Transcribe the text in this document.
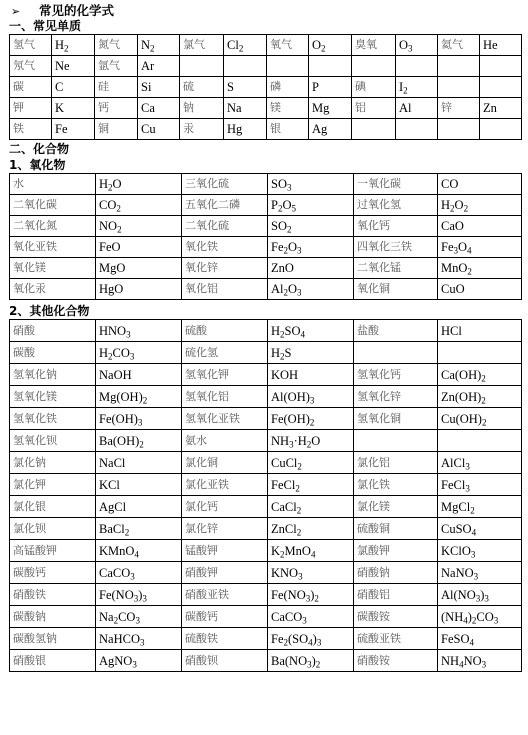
➢ 常见的化学式
一、常见单质
氢气	$H_2$	氮气	$N_2$	氯气	$Cl_2$	氧气	$O_2$	臭氧	$O_3$	氦气	He
氖气	Ne	氩气	Ar								
碳	C	硅	Si	硫	S	磷	P	碘	$I_2$		
钾	K	钙	Ca	钠	Na	镁	Mg	铝	Al	锌	Zn
铁	Fe	铜	Cu	汞	Hg	银	Ag				
二、化合物
1、氧化物
水	$H_2O$	三氧化硫	$SO_3$	一氧化碳	CO
二氧化碳	$CO_2$	五氧化二磷	$P_2O_5$	过氧化氢	$H_2O_2$
二氧化氮	$NO_2$	二氧化硫	$SO_2$	氧化钙	CaO
氧化亚铁	FeO	氧化铁	$Fe_2O_3$	四氧化三铁	$Fe_3O_4$
氧化镁	MgO	氧化锌	ZnO	二氧化锰	MnO$_2$
氧化汞	HgO	氧化铝	$Al_2O_3$	氧化铜	CuO
2、其他化合物
硝酸	$HNO_3$	硫酸	$H_2SO_4$	盐酸	HCl
碳酸	$H_2CO_3$	硫化氢	$H_2S$		
氢氧化钠	NaOH	氢氧化钾	KOH	氢氧化钙	$Ca(OH)_2$
氢氧化镁	$Mg(OH)_2$	氢氧化铝	$Al(OH)_3$	氢氧化锌	$Zn(OH)_2$
氢氧化铁	$Fe(OH)_3$	氢氧化亚铁	$Fe(OH)_2$	氢氧化铜	$Cu(OH)_2$
氢氧化钡	$Ba(OH)_2$	氨水	$NH_3\cdot H_2O$		
氯化钠	NaCl	氯化铜	CuCl$_2$	氯化铝	AlCl$_3$
氯化钾	KCl	氯化亚铁	FeCl$_2$	氯化铁	FeCl$_3$
氯化银	AgCl	氯化钙	CaCl$_2$	氯化镁	MgCl$_2$
氯化钡	BaCl$_2$	氯化锌	ZnCl$_2$	硫酸铜	CuSO$_4$
高锰酸钾	KMnO$_4$	锰酸钾	$K_2MnO_4$	氯酸钾	KClO$_3$
碳酸钙	CaCO$_3$	硝酸钾	$KNO_3$	硝酸钠	NaNO$_3$
硝酸铁	$Fe(NO_3)_3$	硝酸亚铁	$Fe(NO_3)_2$	硝酸铝	$Al(NO_3)_3$
碳酸钠	$Na_2CO_3$	碳酸钙	CaCO$_3$	碳酸铵	$(NH_4)_2CO_3$
碳酸氢钠	NaHCO$_3$	硫酸铁	$Fe_2(SO_4)_3$	硫酸亚铁	FeSO$_4$
硝酸银	AgNO$_3$	硝酸钡	$Ba(NO_3)_2$	硝酸铵	$NH_4NO_3$
